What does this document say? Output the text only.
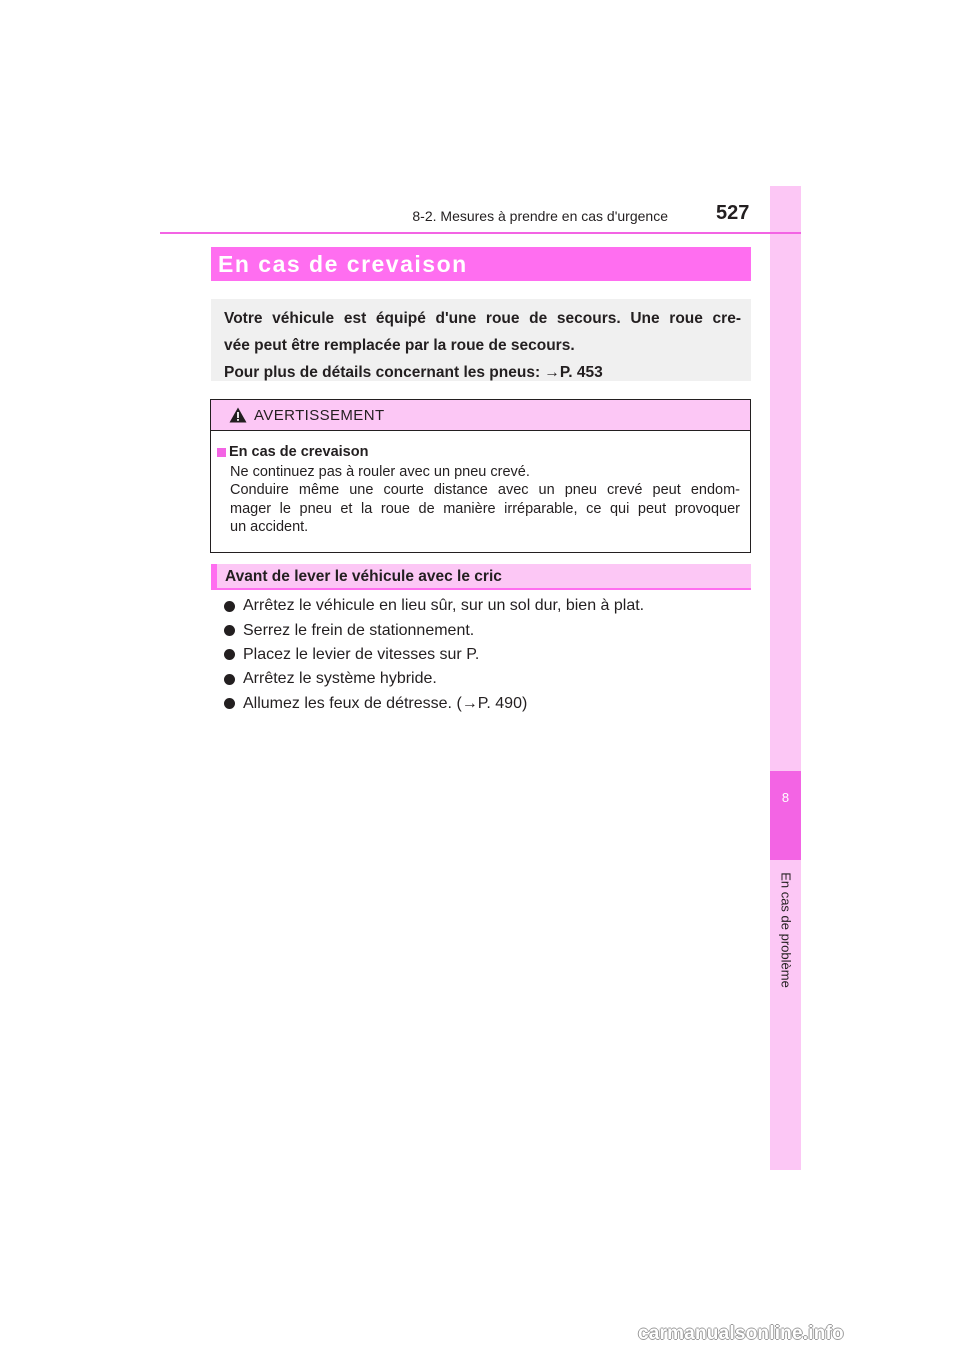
8
En cas de problème
8-2. Mesures à prendre en cas d'urgence 527
En cas de crevaison

Votre véhicule est équipé d'une roue de secours. Une roue cre-

vée peut être remplacée par la roue de secours.

Pour plus de détails concernant les pneus: →P. 453

AVERTISSEMENT
En cas de crevaison

Ne continuez pas à rouler avec un pneu crevé.

Conduire même une courte distance avec un pneu crevé peut endom-

mager le pneu et la roue de manière irréparable, ce qui peut provoquer

un accident.

Avant de lever le véhicule avec le cric
Arrêtez le véhicule en lieu sûr, sur un sol dur, bien à plat.
Serrez le frein de stationnement.
Placez le levier de vitesses sur P.
Arrêtez le système hybride.
Allumez les feux de détresse. (→P. 490)
carmanualsonline.info
